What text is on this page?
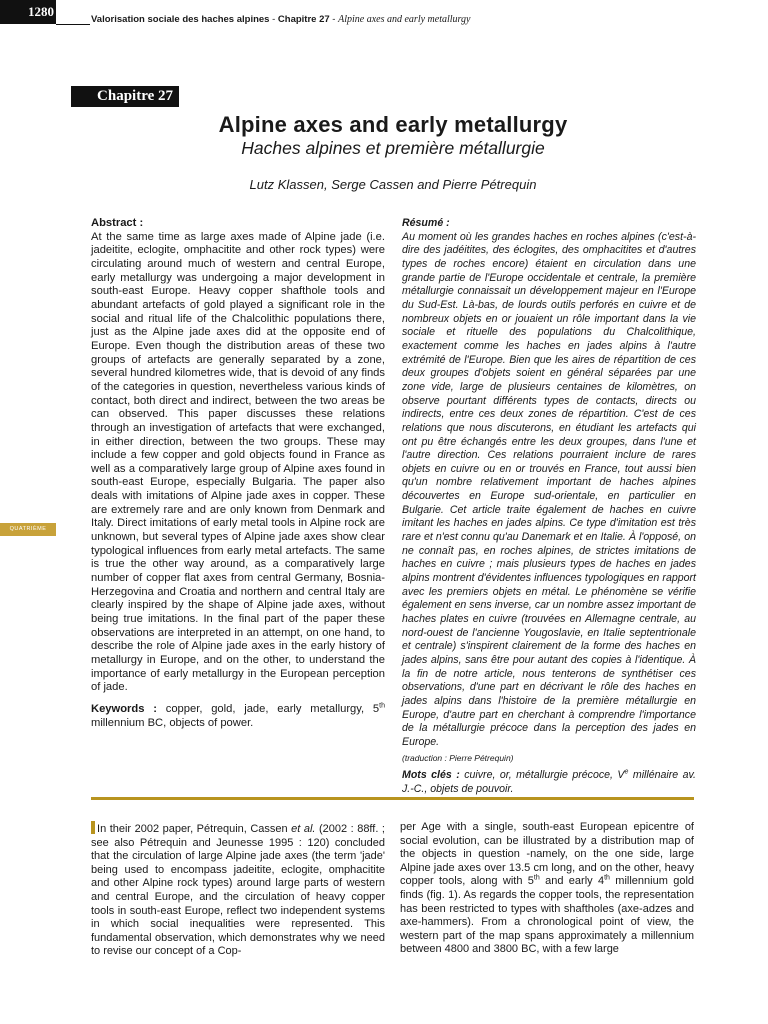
1280
Valorisation sociale des haches alpines - Chapitre 27 - Alpine axes and early metallurgy
QUATRIÈME PARTIE
Chapitre 27
Alpine axes and early metallurgy
Haches alpines et première métallurgie
Lutz Klassen, Serge Cassen and Pierre Pétrequin
Abstract :
At the same time as large axes made of Alpine jade (i.e. jadeitite, eclogite, omphacitite and other rock types) were circulating around much of western and central Europe, early metallurgy was undergoing a major development in south-east Europe. Heavy copper shafthole tools and abundant artefacts of gold played a significant role in the social and ritual life of the Chalcolithic populations there, just as the Alpine jade axes did at the opposite end of Europe. Even though the distribution areas of these two groups of artefacts are generally separated by a zone, several hundred kilometres wide, that is devoid of any finds of the categories in question, nevertheless various kinds of contact, both direct and indirect, between the two areas be can observed. This paper discusses these relations through an investigation of artefacts that were exchanged, in either direction, between the two groups. These may include a few copper and gold objects found in France as well as a comparatively large group of Alpine axes found in south-east Europe, especially Bulgaria. The paper also deals with imitations of Alpine jade axes in copper. These are extremely rare and are only known from Denmark and Italy. Direct imitations of early metal tools in Alpine rock are unknown, but several types of Alpine jade axes show clear typological influences from early metal artefacts. The same is true the other way around, as a comparatively large number of copper flat axes from central Germany, Bosnia-Herzegovina and Croatia and northern and central Italy are clearly inspired by the shape of Alpine jade axes, without being true imitations. In the final part of the paper these observations are interpreted in an attempt, on one hand, to describe the role of Alpine jade axes in the early history of metallurgy in Europe, and on the other, to understand the importance of early metallurgy in the European perception of jade.
Keywords : copper, gold, jade, early metallurgy, 5th millennium BC, objects of power.
Résumé :
Au moment où les grandes haches en roches alpines (c'est-à-dire des jadéitites, des éclogites, des omphacitites et d'autres types de roches encore) étaient en circulation dans une grande partie de l'Europe occidentale et centrale, la première métallurgie connaissait un développement majeur en l'Europe du Sud-Est. Là-bas, de lourds outils perforés en cuivre et de nombreux objets en or jouaient un rôle important dans la vie sociale et rituelle des populations du Chalcolithique, exactement comme les haches en jades alpins à l'autre extrémité de l'Europe. Bien que les aires de répartition de ces deux groupes d'objets soient en général séparées par une zone vide, large de plusieurs centaines de kilomètres, on observe pourtant différents types de contacts, directs ou indirects, entre ces deux zones de répartition. C'est de ces relations que nous discuterons, en étudiant les artefacts qui ont pu être échangés entre les deux groupes, dans l'une et l'autre direction. Ces relations pourraient inclure de rares objets en cuivre ou en or trouvés en France, tout aussi bien qu'un nombre relativement important de haches alpines découvertes en Europe sud-orientale, en particulier en Bulgarie. Cet article traite également de haches en cuivre imitant les haches en jades alpins. Ce type d'imitation est très rare et n'est connu qu'au Danemark et en Italie. À l'opposé, on ne connaît pas, en roches alpines, de strictes imitations de haches en cuivre ; mais plusieurs types de haches en jades alpins montrent d'évidentes influences typologiques en rapport avec les premiers objets en métal. Le phénomène se vérifie également en sens inverse, car un nombre assez important de haches plates en cuivre (trouvées en Allemagne centrale, au nord-ouest de l'ancienne Yougoslavie, en Italie septentrionale et centrale) s'inspirent clairement de la forme des haches en jades alpins, sans être pour autant des copies à l'identique. À la fin de notre article, nous tenterons de synthétiser ces observations, d'une part en décrivant le rôle des haches en jades alpins dans l'histoire de la première métallurgie en Europe, d'autre part en cherchant à comprendre l'importance de la métallurgie précoce dans la perception des jades en Europe.
(traduction : Pierre Pétrequin)
Mots clés : cuivre, or, métallurgie précoce, Ve millénaire av. J.-C., objets de pouvoir.
In their 2002 paper, Pétrequin, Cassen et al. (2002 : 88ff. ; see also Pétrequin and Jeunesse 1995 : 120) concluded that the circulation of large Alpine jade axes (the term 'jade' being used to encompass jadeitite, eclogite, omphacitite and other Alpine rock types) around large parts of western and central Europe, and the circulation of heavy copper tools in south-east Europe, reflect two independent systems in which social inequalities were represented. This fundamental observation, which demonstrates why we need to revise our concept of a Cop-
per Age with a single, south-east European epicentre of social evolution, can be illustrated by a distribution map of the objects in question -namely, on the one side, large Alpine jade axes over 13.5 cm long, and on the other, heavy copper tools, along with 5th and early 4th millennium gold finds (fig. 1). As regards the copper tools, the representation has been restricted to types with shaftholes (axe-adzes and axe-hammers). From a chronological point of view, the western part of the map spans approximately a millennium between 4800 and 3800 BC, with a few large
